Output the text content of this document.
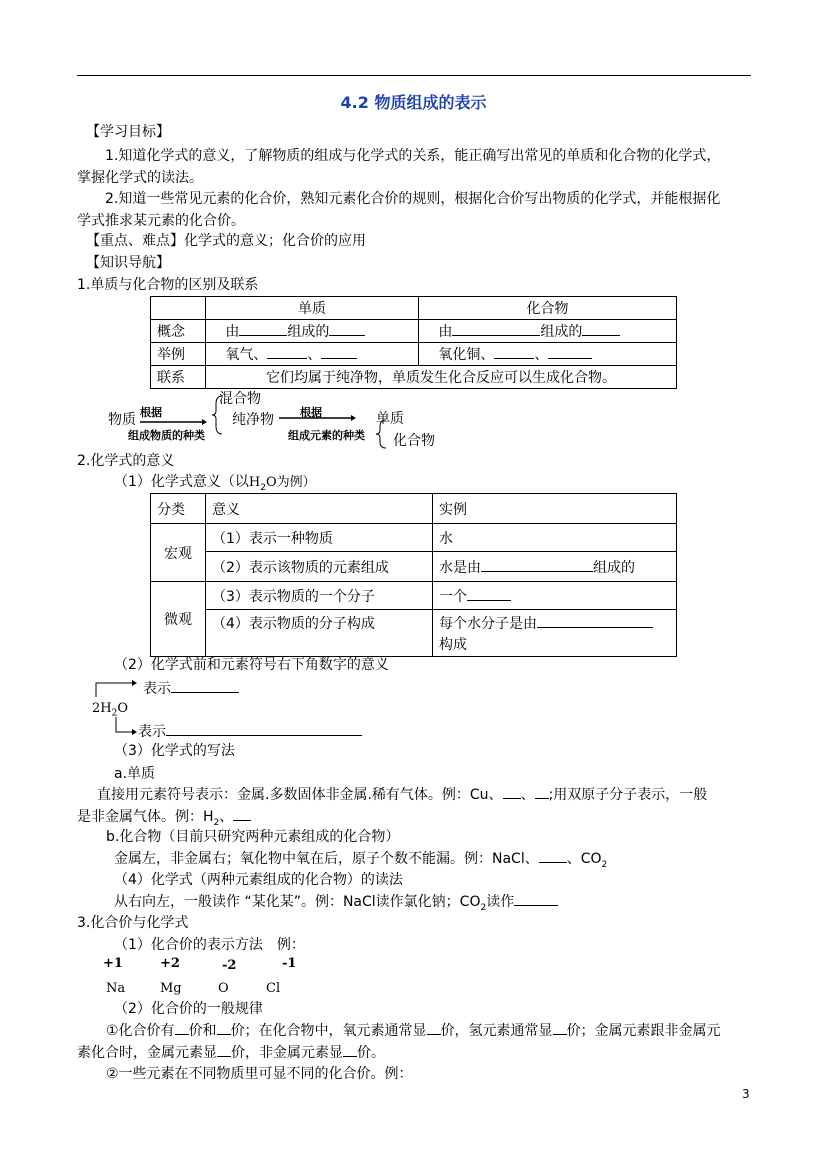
4.2 物质组成的表示
【学习目标】
1.知道化学式的意义，了解物质的组成与化学式的关系，能正确写出常见的单质和化合物的化学式，
掌握化学式的读法。
2.知道一些常见元素的化合价，熟知元素化合价的规则，根据化合价写出物质的化学式，并能根据化
学式推求某元素的化合价。
【重点、难点】化学式的意义；化合价的应用
【知识导航】
1.单质与化合物的区别及联系
	单质	化合物
概念	由 组成的	由 组成的
举例	氧气、 、	氧化铜、 、
联系	它们均属于纯净物，单质发生化合反应可以生成化合物。	
物质 根据
组成物质的种类
混合物
纯净物 根据
组成元素的种类
单质
化合物
2.化学式的意义
（1）化学式意义（以$H_2O$为例）
分类	意义	实例
宏观	（1）表示一种物质	水
	（2）表示该物质的元素组成	水是由 组成的
微观	（3）表示物质的一个分子	一个
	（4）表示物质的分子构成	每个水分子是由
构成
（2）化学式前和元素符号右下角数字的意义
表示
$2H_2O$
表示
（3）化学式的写法
a.单质
直接用元素符号表示：金属.多数固体非金属.稀有气体。例：Cu、 、 ;用双原子分子表示，一般
是非金属气体。例：$H_2$、
b.化合物（目前只研究两种元素组成的化合物）
金属左，非金属右；氧化物中氧在后，原子个数不能漏。例：NaCl、 、$CO_2$
（4）化学式（两种元素组成的化合物）的读法
从右向左，一般读作 “某化某”。例：NaCl读作氯化钠；$CO_2$读作
3.化合价与化学式
（1）化合价的表示方法　例：
+1	+2	-2	-1
Na	Mg	O	Cl
（2）化合价的一般规律
①化合价有 价和 价；在化合物中，氧元素通常显 价，氢元素通常显 价；金属元素跟非金属元
素化合时，金属元素显 价，非金属元素显 价。
②一些元素在不同物质里可显不同的化合价。例：
3
